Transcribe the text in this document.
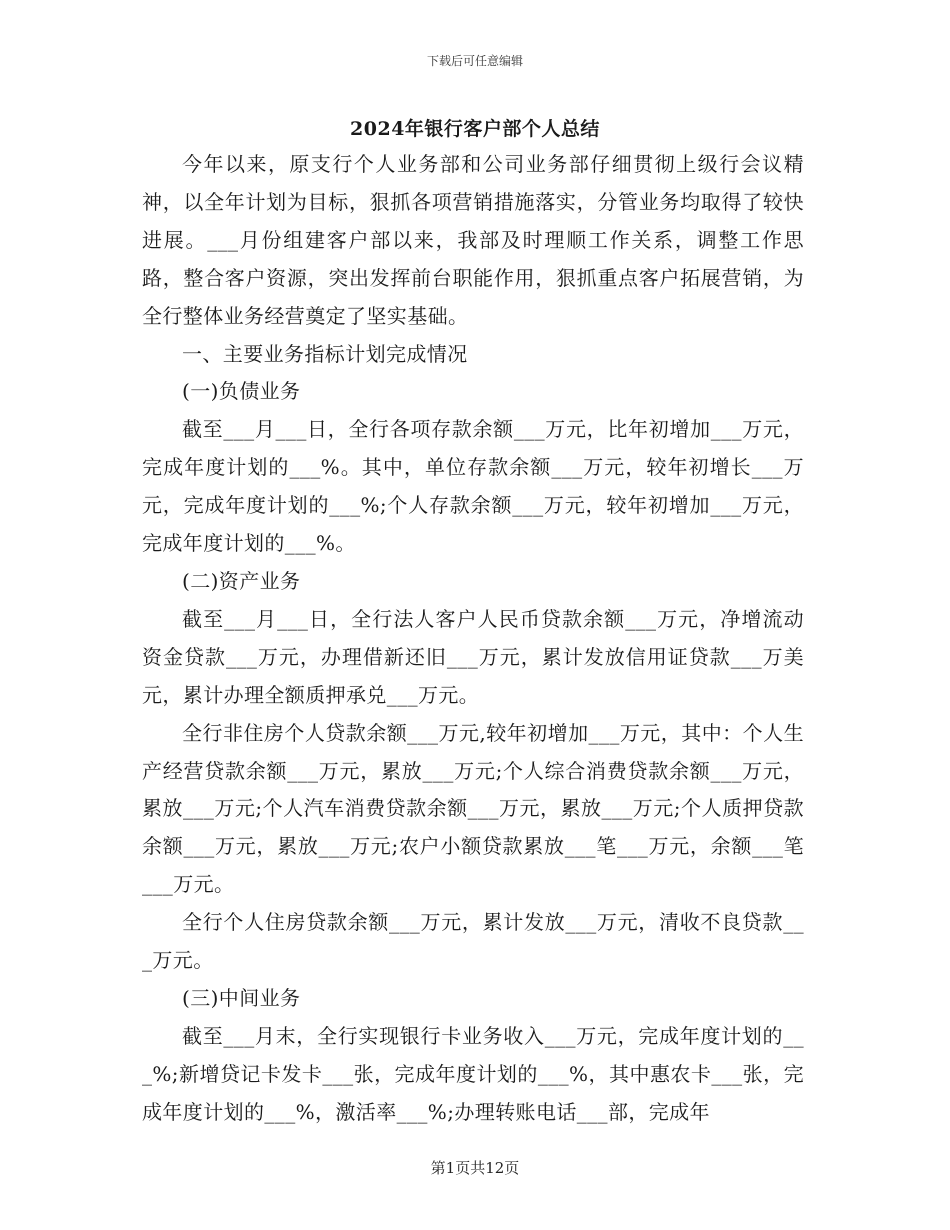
下载后可任意编辑
2024年银行客户部个人总结

今年以来，原支行个人业务部和公司业务部仔细贯彻上级行会议精神，以全年计划为目标，狠抓各项营销措施落实，分管业务均取得了较快进展。___月份组建客户部以来，我部及时理顺工作关系，调整工作思路，整合客户资源，突出发挥前台职能作用，狠抓重点客户拓展营销，为全行整体业务经营奠定了坚实基础。

一、主要业务指标计划完成情况

(一)负债业务

截至___月___日，全行各项存款余额___万元，比年初增加___万元，完成年度计划的___%。其中，单位存款余额___万元，较年初增长___万元，完成年度计划的___%;个人存款余额___万元，较年初增加___万元，完成年度计划的___%。

(二)资产业务

截至___月___日，全行法人客户人民币贷款余额___万元，净增流动资金贷款___万元，办理借新还旧___万元，累计发放信用证贷款___万美元，累计办理全额质押承兑___万元。

全行非住房个人贷款余额___万元,较年初增加___万元，其中：个人生产经营贷款余额___万元，累放___万元;个人综合消费贷款余额___万元，累放___万元;个人汽车消费贷款余额___万元，累放___万元;个人质押贷款余额___万元，累放___万元;农户小额贷款累放___笔___万元，余额___笔___万元。

全行个人住房贷款余额___万元，累计发放___万元，清收不良贷款___万元。

(三)中间业务

截至___月末，全行实现银行卡业务收入___万元，完成年度计划的___%;新增贷记卡发卡___张，完成年度计划的___%，其中惠农卡___张，完成年度计划的___%，激活率___%;办理转账电话___部，完成年

第1页共12页
